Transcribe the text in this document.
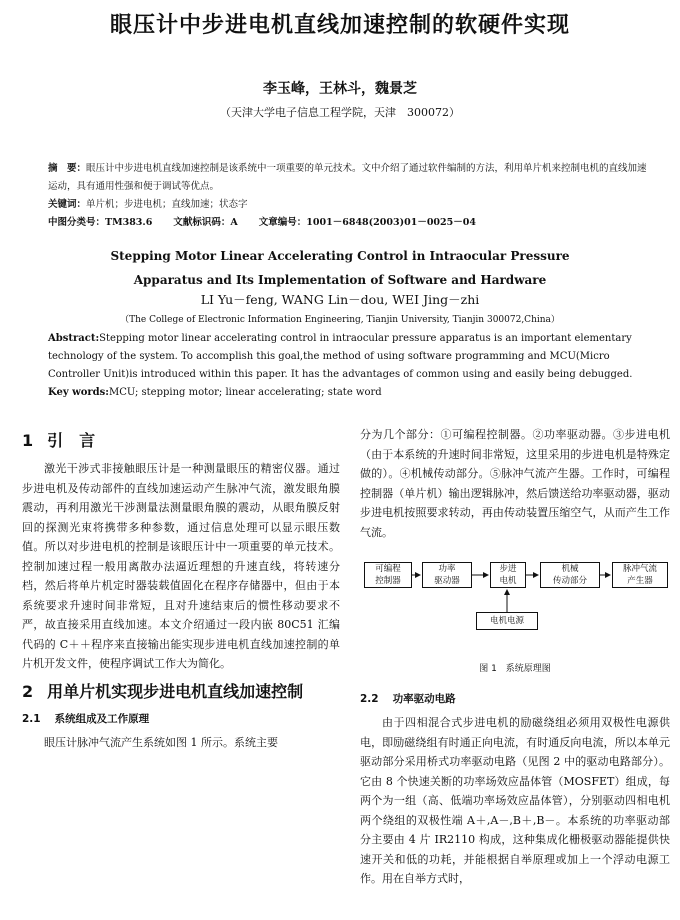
眼压计中步进电机直线加速控制的软硬件实现
李玉峰，王林斗，魏景芝
（天津大学电子信息工程学院，天津　300072）
摘　要：眼压计中步进电机直线加速控制是该系统中一项重要的单元技术。文中介绍了通过软件编制的方法，利用单片机来控制电机的直线加速运动，具有通用性强和便于调试等优点。
关键词：单片机；步进电机；直线加速；状态字
中图分类号：TM383.6 文献标识码：A 文章编号：1001－6848(2003)01－0025－04
Stepping Motor Linear Accelerating Control in Intraocular Pressure
Apparatus and Its Implementation of Software and Hardware
LI Yu－feng, WANG Lin－dou, WEI Jing－zhi
（The College of Electronic Information Engineering, Tianjin University, Tianjin 300072,China）
Abstract:Stepping motor linear accelerating control in intraocular pressure apparatus is an important elementary technology of the system. To accomplish this goal,the method of using software programming and MCU(Micro Controller Unit)is introduced within this paper. It has the advantages of common using and easily being debugged.
Key words:MCU; stepping motor; linear accelerating; state word
1 引　言

激光干涉式非接触眼压计是一种测量眼压的精密仪器。通过步进电机及传动部件的直线加速运动产生脉冲气流，激发眼角膜震动，再利用激光干涉测量法测量眼角膜的震动，从眼角膜反射回的探测光束将携带多种参数，通过信息处理可以显示眼压数值。所以对步进电机的控制是该眼压计中一项重要的单元技术。控制加速过程一般用离散办法逼近理想的升速直线，将转速分档，然后将单片机定时器装载值固化在程序存储器中，但由于本系统要求升速时间非常短，且对升速结束后的惯性移动要求不严，故直接采用直线加速。本文介绍通过一段内嵌 80C51 汇编代码的 C＋＋程序来直接输出能实现步进电机直线加速控制的单片机开发文件，使程序调试工作大为简化。

2 用单片机实现步进电机直线加速控制
2.1 系统组成及工作原理

眼压计脉冲气流产生系统如图 1 所示。系统主要

分为几个部分：①可编程控制器。②功率驱动器。③步进电机（由于本系统的升速时间非常短，这里采用的步进电机是特殊定做的）。④机械传动部分。⑤脉冲气流产生器。工作时，可编程控制器（单片机）输出逻辑脉冲，然后馈送给功率驱动器，驱动步进电机按照要求转动，再由传动装置压缩空气，从而产生工作气流。

可编程
控制器
功率
驱动器
步进
电机
机械
传动部分
脉冲气流
产生器
电机电源
图 1　系统原理图
2.2 功率驱动电路

由于四相混合式步进电机的励磁绕组必须用双极性电源供电，即励磁绕组有时通正向电流，有时通反向电流，所以本单元驱动部分采用桥式功率驱动电路（见图 2 中的驱动电路部分）。它由 8 个快速关断的功率场效应晶体管（MOSFET）组成，每两个为一组（高、低端功率场效应晶体管），分别驱动四相电机两个绕组的双极性端 A＋,A－,B＋,B－。本系统的功率驱动部分主要由 4 片 IR2110 构成，这种集成化栅极驱动器能提供快速开关和低的功耗，并能根据自举原理或加上一个浮动电源工作。用在自举方式时，
